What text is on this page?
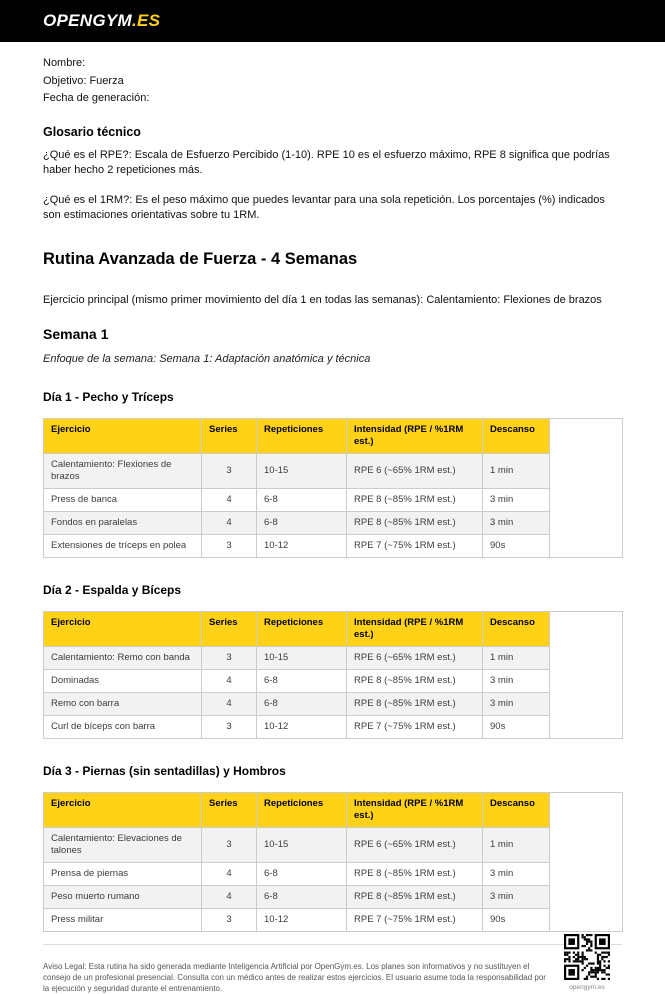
OPENGYM.ES
Nombre:
Objetivo: Fuerza
Fecha de generación:
Glosario técnico

¿Qué es el RPE?: Escala de Esfuerzo Percibido (1-10). RPE 10 es el esfuerzo máximo, RPE 8 significa que podrías haber hecho 2 repeticiones más.

¿Qué es el 1RM?: Es el peso máximo que puedes levantar para una sola repetición. Los porcentajes (%) indicados son estimaciones orientativas sobre tu 1RM.

Rutina Avanzada de Fuerza - 4 Semanas

Ejercicio principal (mismo primer movimiento del día 1 en todas las semanas): Calentamiento: Flexiones de brazos

Semana 1

Enfoque de la semana: Semana 1: Adaptación anatómica y técnica

Día 1 - Pecho y Tríceps
Ejercicio	Series	Repeticiones	Intensidad (RPE / %1RM est.)	Descanso	
Calentamiento: Flexiones de brazos	3	10-15	RPE 6 (~65% 1RM est.)	1 min	
Press de banca	4	6-8	RPE 8 (~85% 1RM est.)	3 min	
Fondos en paralelas	4	6-8	RPE 8 (~85% 1RM est.)	3 min	
Extensiones de tríceps en polea	3	10-12	RPE 7 (~75% 1RM est.)	90s	
Día 2 - Espalda y Bíceps
Ejercicio	Series	Repeticiones	Intensidad (RPE / %1RM est.)	Descanso	
Calentamiento: Remo con banda	3	10-15	RPE 6 (~65% 1RM est.)	1 min	
Dominadas	4	6-8	RPE 8 (~85% 1RM est.)	3 min	
Remo con barra	4	6-8	RPE 8 (~85% 1RM est.)	3 min	
Curl de bíceps con barra	3	10-12	RPE 7 (~75% 1RM est.)	90s	
Día 3 - Piernas (sin sentadillas) y Hombros
Ejercicio	Series	Repeticiones	Intensidad (RPE / %1RM est.)	Descanso	
Calentamiento: Elevaciones de talones	3	10-15	RPE 6 (~65% 1RM est.)	1 min	
Prensa de piernas	4	6-8	RPE 8 (~85% 1RM est.)	3 min	
Peso muerto rumano	4	6-8	RPE 8 (~85% 1RM est.)	3 min	
Press militar	3	10-12	RPE 7 (~75% 1RM est.)	90s	

Aviso Legal: Esta rutina ha sido generada mediante Inteligencia Artificial por OpenGym.es. Los planes son informativos y no sustituyen el consejo de un profesional presencial. Consulta con un médico antes de realizar estos ejercicios. El usuario asume toda la responsabilidad por la ejecución y seguridad durante el entrenamiento.	opengym.es
